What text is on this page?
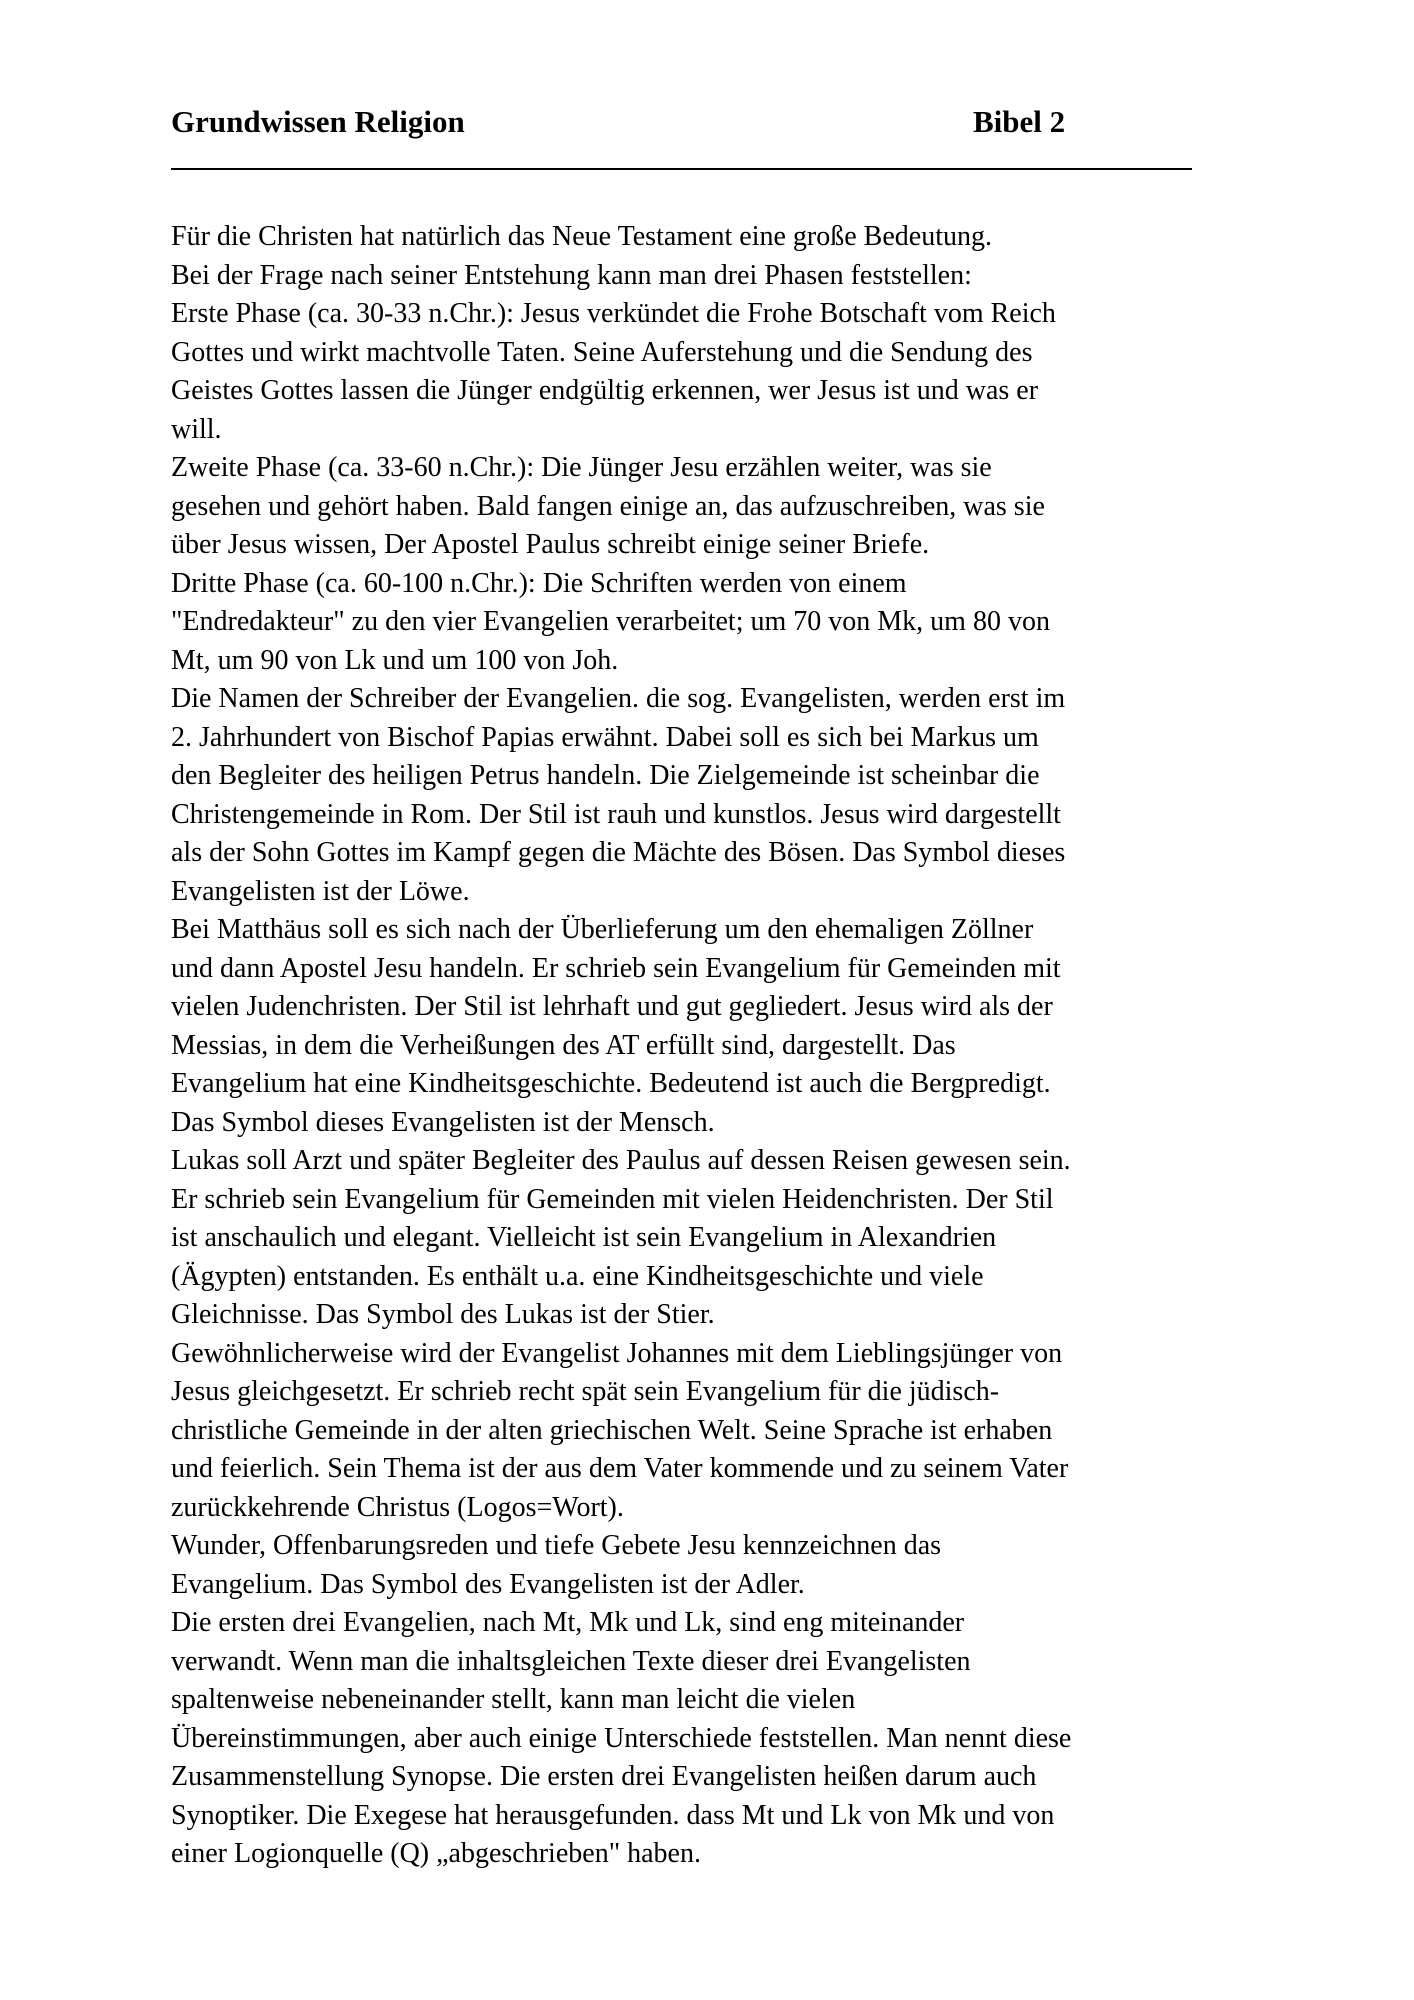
Grundwissen Religion	Bibel 2
Für die Christen hat natürlich das Neue Testament eine große Bedeutung.
Bei der Frage nach seiner Entstehung kann man drei Phasen feststellen:
Erste Phase (ca. 30-33 n.Chr.): Jesus verkündet die Frohe Botschaft vom Reich
Gottes und wirkt machtvolle Taten. Seine Auferstehung und die Sendung des
Geistes Gottes lassen die Jünger endgültig erkennen, wer Jesus ist und was er
will.
Zweite Phase (ca. 33-60 n.Chr.): Die Jünger Jesu erzählen weiter, was sie
gesehen und gehört haben. Bald fangen einige an, das aufzuschreiben, was sie
über Jesus wissen, Der Apostel Paulus schreibt einige seiner Briefe.
Dritte Phase (ca. 60-100 n.Chr.): Die Schriften werden von einem
"Endredakteur" zu den vier Evangelien verarbeitet; um 70 von Mk, um 80 von
Mt, um 90 von Lk und um 100 von Joh.
Die Namen der Schreiber der Evangelien. die sog. Evangelisten, werden erst im
2. Jahrhundert von Bischof Papias erwähnt. Dabei soll es sich bei Markus um
den Begleiter des heiligen Petrus handeln. Die Zielgemeinde ist scheinbar die
Christengemeinde in Rom. Der Stil ist rauh und kunstlos. Jesus wird dargestellt
als der Sohn Gottes im Kampf gegen die Mächte des Bösen. Das Symbol dieses
Evangelisten ist der Löwe.
Bei Matthäus soll es sich nach der Überlieferung um den ehemaligen Zöllner
und dann Apostel Jesu handeln. Er schrieb sein Evangelium für Gemeinden mit
vielen Judenchristen. Der Stil ist lehrhaft und gut gegliedert. Jesus wird als der
Messias, in dem die Verheißungen des AT erfüllt sind, dargestellt. Das
Evangelium hat eine Kindheitsgeschichte. Bedeutend ist auch die Bergpredigt.
Das Symbol dieses Evangelisten ist der Mensch.
Lukas soll Arzt und später Begleiter des Paulus auf dessen Reisen gewesen sein.
Er schrieb sein Evangelium für Gemeinden mit vielen Heidenchristen. Der Stil
ist anschaulich und elegant. Vielleicht ist sein Evangelium in Alexandrien
(Ägypten) entstanden. Es enthält u.a. eine Kindheitsgeschichte und viele
Gleichnisse. Das Symbol des Lukas ist der Stier.
Gewöhnlicherweise wird der Evangelist Johannes mit dem Lieblingsjünger von
Jesus gleichgesetzt. Er schrieb recht spät sein Evangelium für die jüdisch-
christliche Gemeinde in der alten griechischen Welt. Seine Sprache ist erhaben
und feierlich. Sein Thema ist der aus dem Vater kommende und zu seinem Vater
zurückkehrende Christus (Logos=Wort).
Wunder, Offenbarungsreden und tiefe Gebete Jesu kennzeichnen das
Evangelium. Das Symbol des Evangelisten ist der Adler.
Die ersten drei Evangelien, nach Mt, Mk und Lk, sind eng miteinander
verwandt. Wenn man die inhaltsgleichen Texte dieser drei Evangelisten
spaltenweise nebeneinander stellt, kann man leicht die vielen
Übereinstimmungen, aber auch einige Unterschiede feststellen. Man nennt diese
Zusammenstellung Synopse. Die ersten drei Evangelisten heißen darum auch
Synoptiker. Die Exegese hat herausgefunden. dass Mt und Lk von Mk und von
einer Logionquelle (Q) „abgeschrieben" haben.
